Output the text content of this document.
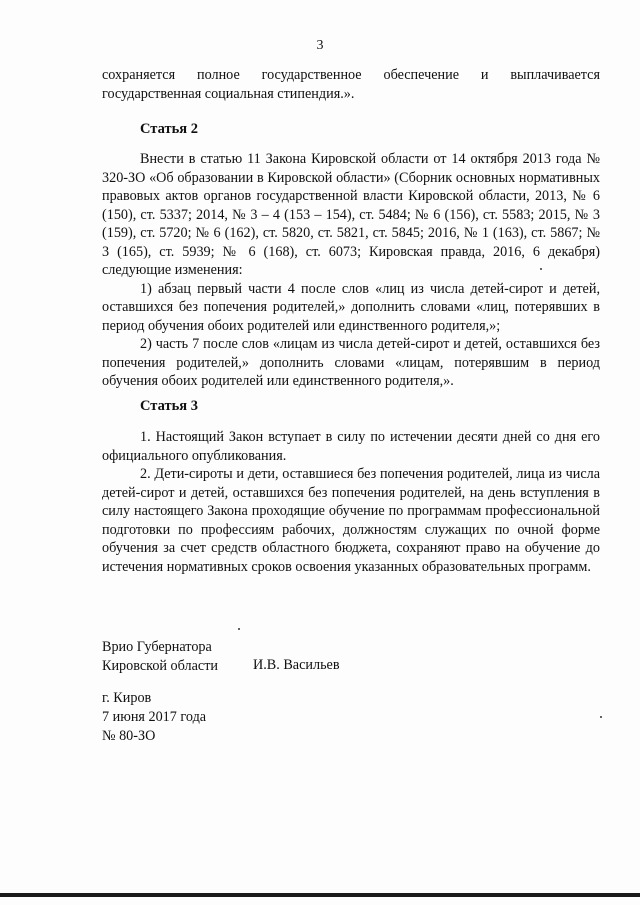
3

сохраняется полное государственное обеспечение и выплачивается государственная социальная стипендия.».

Статья 2

Внести в статью 11 Закона Кировской области от 14 октября 2013 года № 320-ЗО «Об образовании в Кировской области» (Сборник основных нормативных правовых актов органов государственной власти Кировской области, 2013, № 6 (150), ст. 5337; 2014, № 3 – 4 (153 – 154), ст. 5484; № 6 (156), ст. 5583; 2015, № 3 (159), ст. 5720; № 6 (162), ст. 5820, ст. 5821, ст. 5845; 2016, № 1 (163), ст. 5867; № 3 (165), ст. 5939; № 6 (168), ст. 6073; Кировская правда, 2016, 6 декабря) следующие изменения:

1) абзац первый части 4 после слов «лиц из числа детей-сирот и детей, оставшихся без попечения родителей,» дополнить словами «лиц, потерявших в период обучения обоих родителей или единственного родителя,»;

2) часть 7 после слов «лицам из числа детей-сирот и детей, оставшихся без попечения родителей,» дополнить словами «лицам, потерявшим в период обучения обоих родителей или единственного родителя,».

Статья 3

1. Настоящий Закон вступает в силу по истечении десяти дней со дня его официального опубликования.

2. Дети-сироты и дети, оставшиеся без попечения родителей, лица из числа детей-сирот и детей, оставшихся без попечения родителей, на день вступления в силу настоящего Закона проходящие обучение по программам профессиональной подготовки по профессиям рабочих, должностям служащих по очной форме обучения за счет средств областного бюджета, сохраняют право на обучение до истечения нормативных сроков освоения указанных образовательных программ.

Врио Губернатора
Кировской области И.В. Васильев
г. Киров
7 июня 2017 года
№ 80-ЗО
